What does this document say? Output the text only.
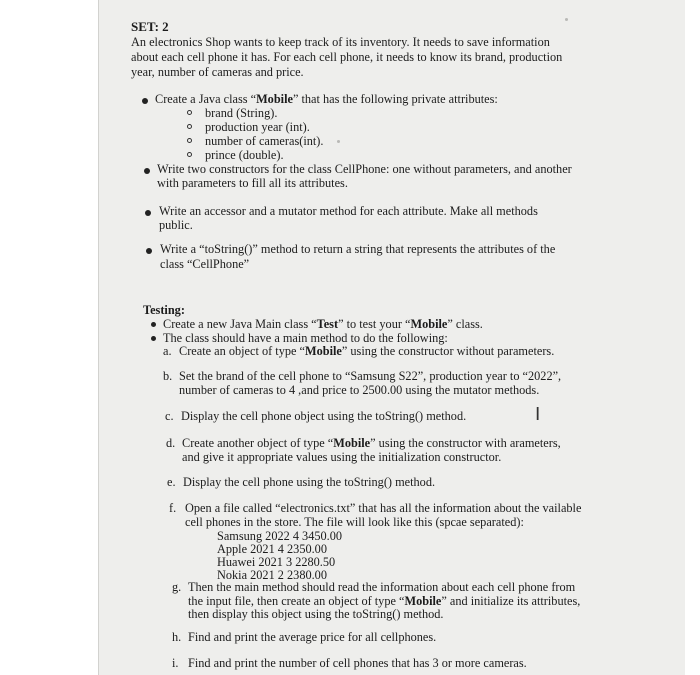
SET: 2
An electronics Shop wants to keep track of its inventory. It needs to save information
about each cell phone it has. For each cell phone, it needs to know its brand, production
year, number of cameras and price.
Create a Java class “Mobile” that has the following private attributes:
brand (String).
production year (int).
number of cameras(int).
prince (double).
Write two constructors for the class CellPhone: one without parameters, and another
with parameters to fill all its attributes.
Write an accessor and a mutator method for each attribute. Make all methods
public.
Write a “toString()” method to return a string that represents the attributes of the
class “CellPhone”
Testing:
Create a new Java Main class “Test” to test your “Mobile” class.
The class should have a main method to do the following:
a. Create an object of type “Mobile” using the constructor without parameters.
b. Set the brand of the cell phone to “Samsung S22”, production year to “2022”,
number of cameras to 4 ,and price to 2500.00 using the mutator methods.
c. Display the cell phone object using the toString() method.	I
d. Create another object of type “Mobile” using the constructor with arameters,
and give it appropriate values using the initialization constructor.
e. Display the cell phone using the toString() method.
f. Open a file called “electronics.txt” that has all the information about the vailable
cell phones in the store. The file will look like this (spcae separated):
Samsung 2022 4 3450.00
Apple 2021 4 2350.00
Huawei 2021 3 2280.50
Nokia 2021 2 2380.00
g. Then the main method should read the information about each cell phone from
the input file, then create an object of type “Mobile” and initialize its attributes,
then display this object using the toString() method.
h. Find and print the average price for all cellphones.
i. Find and print the number of cell phones that has 3 or more cameras.
